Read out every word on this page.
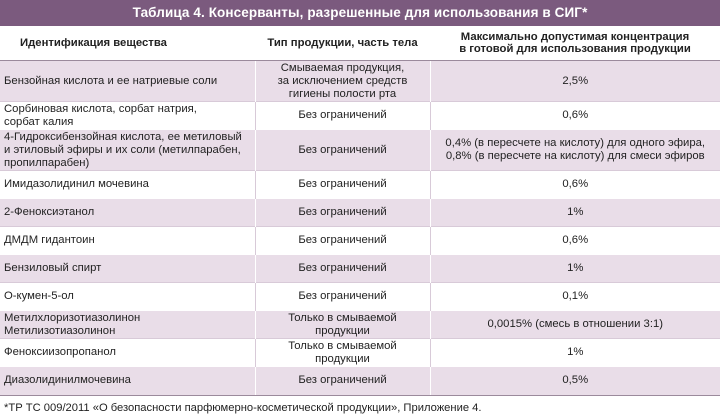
Таблица 4. Консерванты, разрешенные для использования в СИГ*
Идентификация вещества	Тип продукции, часть тела	Максимально допустимая концентрация
в готовой для использования продукции

Бензойная кислота и ее натриевые соли	Смываемая продукция,
за исключением средств
гигиены полости рта	2,5%

Сорбиновая кислота, сорбат натрия,
сорбат калия	Без ограничений	0,6%

4-Гидроксибензойная кислота, ее метиловый
и этиловый эфиры и их соли (метилпарабен,
пропилпарабен)	Без ограничений	0,4% (в пересчете на кислоту) для одного эфира,
0,8% (в пересчете на кислоту) для смеси эфиров

Имидазолидинил мочевина	Без ограничений	0,6%

2-Феноксиэтанол	Без ограничений	1%

ДМДМ гидантоин	Без ограничений	0,6%

Бензиловый спирт	Без ограничений	1%

О-кумен-5-ол	Без ограничений	0,1%

Метилхлоризотиазолинон
Метилизотиазолинон	Только в смываемой продукции	0,0015% (смесь в отношении 3:1)

Феноксиизопропанол	Только в смываемой продукции	1%

Диазолидинилмочевина	Без ограничений	0,5%
*ТР ТС 009/2011 «О безопасности парфюмерно-косметической продукции», Приложение 4.
